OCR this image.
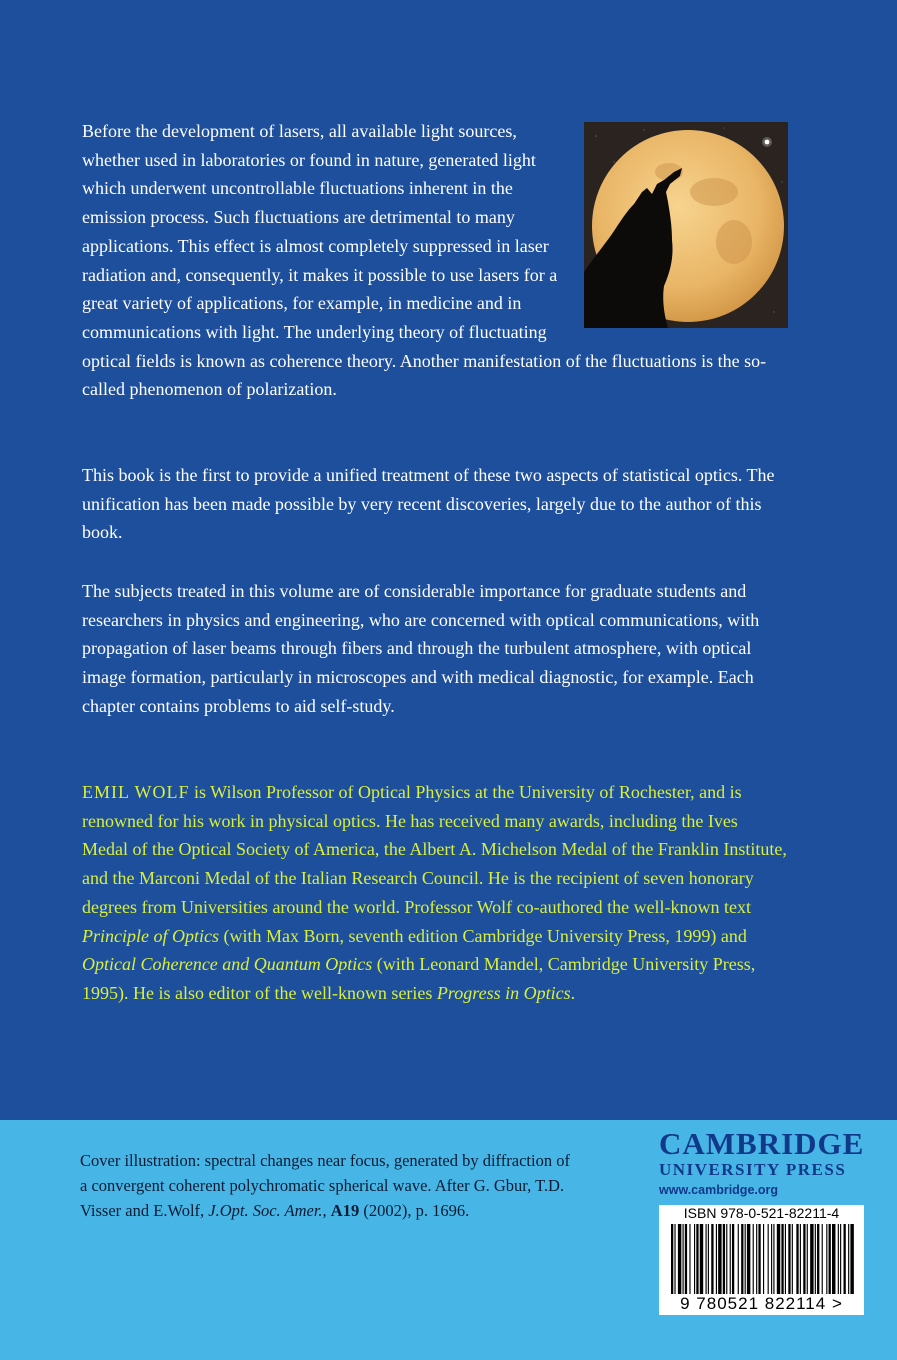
Before the development of lasers, all available light sources, whether used in laboratories or found in nature, generated light which underwent uncontrollable fluctuations inherent in the emission process. Such fluctuations are detrimental to many applications. This effect is almost completely suppressed in laser radiation and, consequently, it makes it possible to use lasers for a great variety of applications, for example, in medicine and in communications with light. The underlying theory of fluctuating optical fields is known as coherence theory. Another manifestation of the fluctuations is the so-called phenomenon of polarization.

This book is the first to provide a unified treatment of these two aspects of statistical optics. The unification has been made possible by very recent discoveries, largely due to the author of this book.

The subjects treated in this volume are of considerable importance for graduate students and researchers in physics and engineering, who are concerned with optical communications, with propagation of laser beams through fibers and through the turbulent atmosphere, with optical image formation, particularly in microscopes and with medical diagnostic, for example. Each chapter contains problems to aid self-study.

EMIL WOLF is Wilson Professor of Optical Physics at the University of Rochester, and is renowned for his work in physical optics. He has received many awards, including the Ives Medal of the Optical Society of America, the Albert A. Michelson Medal of the Franklin Institute, and the Marconi Medal of the Italian Research Council. He is the recipient of seven honorary degrees from Universities around the world. Professor Wolf co-authored the well-known text Principle of Optics (with Max Born, seventh edition Cambridge University Press, 1999) and Optical Coherence and Quantum Optics (with Leonard Mandel, Cambridge University Press, 1995). He is also editor of the well-known series Progress in Optics.

Cover illustration: spectral changes near focus, generated by diffraction of a convergent coherent polychromatic spherical wave. After G. Gbur, T.D. Visser and E.Wolf, J.Opt. Soc. Amer., A19 (2002), p. 1696.

CAMBRIDGE
UNIVERSITY PRESS
www.cambridge.org
ISBN 978-0-521-82211-4
9 780521 822114 >
